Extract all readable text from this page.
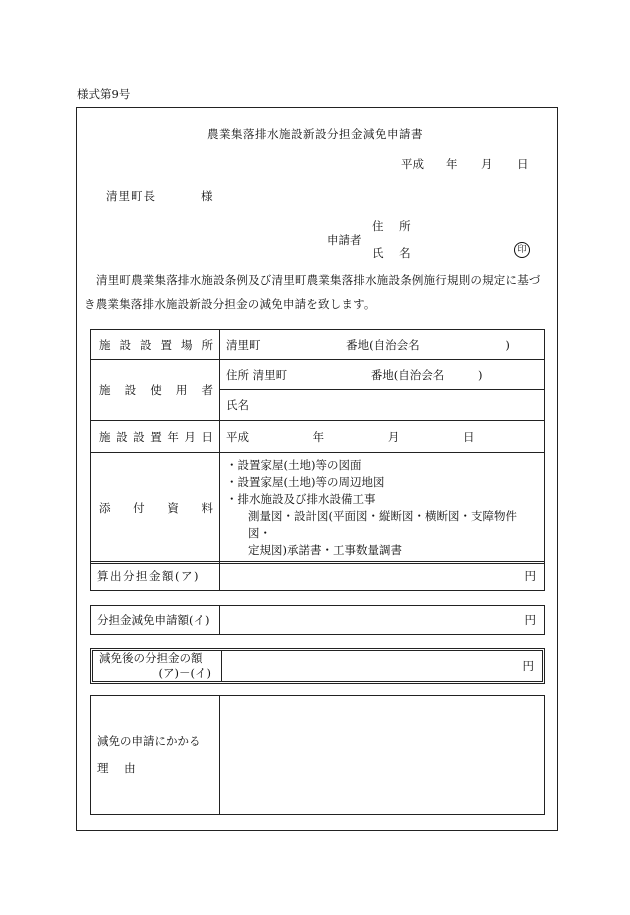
様式第9号
農業集落排水施設新設分担金減免申請書
平成 年 月 日
清里町長	様
申請者
住 所
氏 名	印
清里町農業集落排水施設条例及び清里町農業集落排水施設条例施行規則の規定に基づき農業集落排水施設新設分担金の減免申請を致します。
施設設置場所	清里町 番地(自治会名 )
施設使用者	住所 清里町 番地(自治会名 )
	氏名
施設設置年月日	平成 年 月 日
添付資料	・設置家屋(土地)等の図面
・設置家屋(土地)等の周辺地図
・排水施設及び排水設備工事
測量図・設計図(平面図・縦断図・横断図・支障物件図・
定規図)承諾書・工事数量調書
算出分担金額(ア)	円
分担金減免申請額(イ)	円
減免後の分担金の額
(ア)－(イ)	円
減免の申請にかかる
理 由
